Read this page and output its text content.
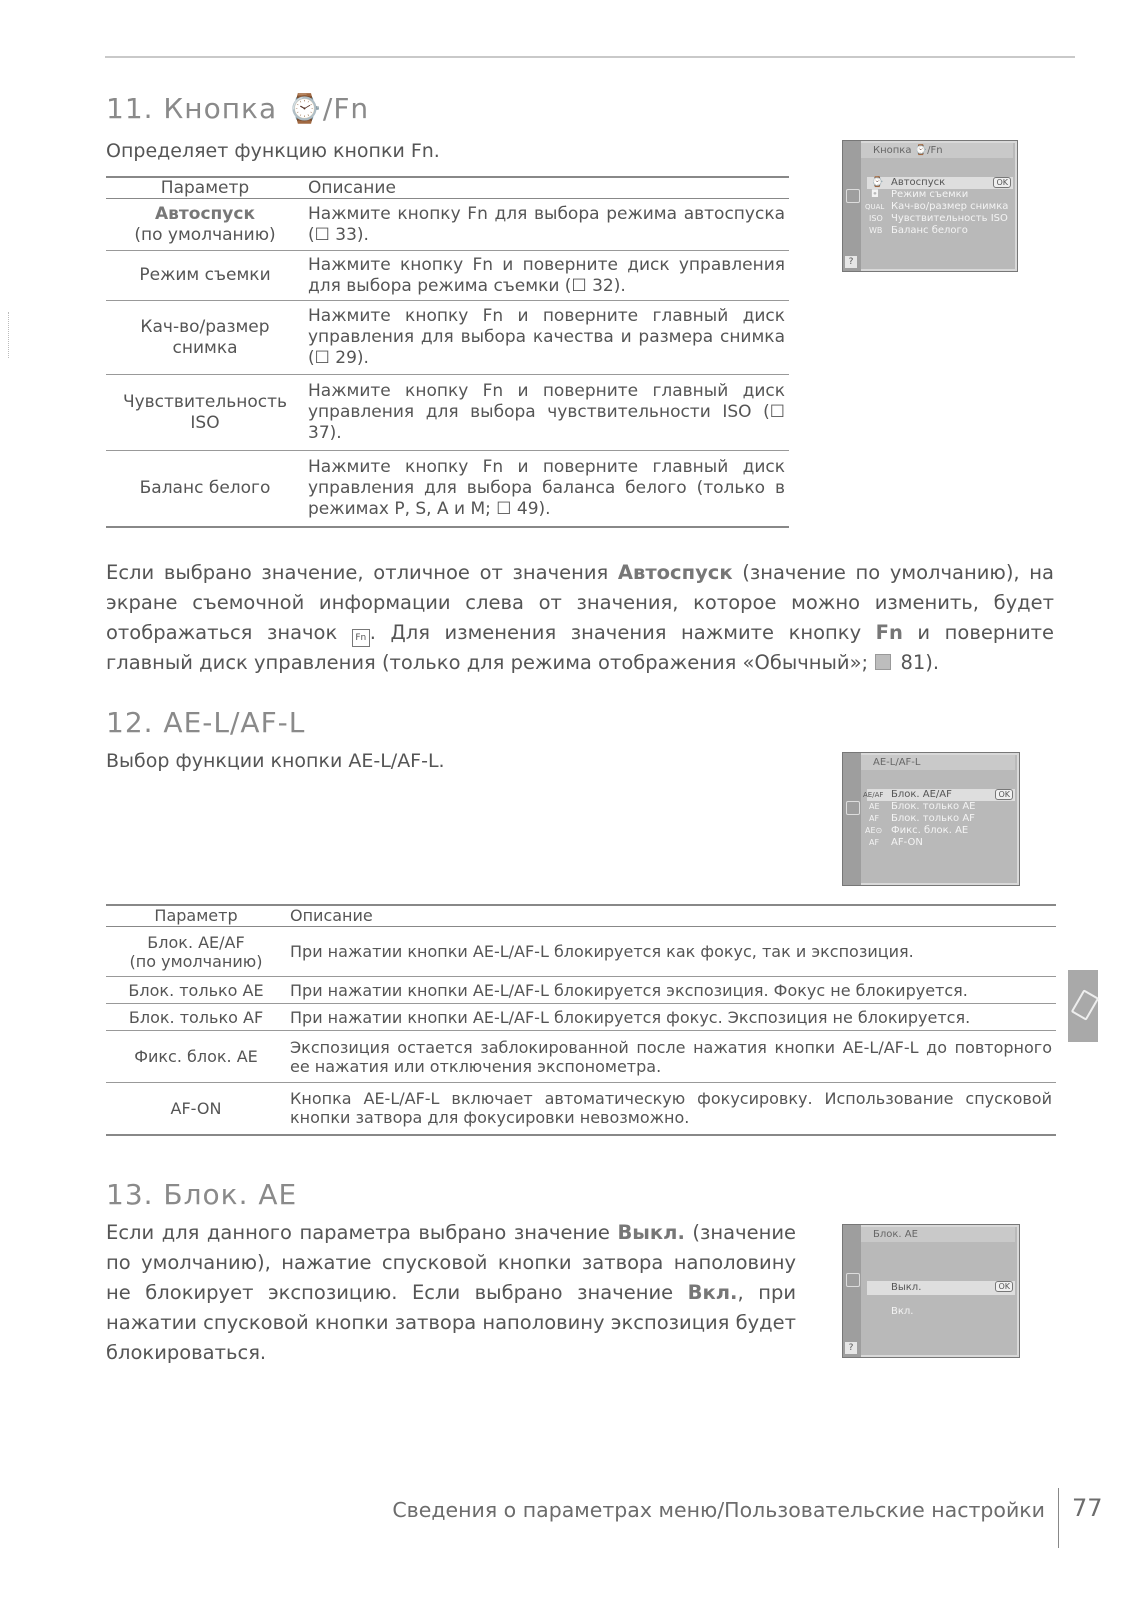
11. Кнопка ⌚/Fn

Определяет функцию кнопки Fn.

Параметр	Описание
Автоспуск
(по умолчанию)	Нажмите кнопку Fn для выбора режима автоспуска (☐ 33).
Режим съемки	Нажмите кнопку Fn и поверните диск управления для выбора режима съемки (☐ 32).
Кач-во/размер
снимка	Нажмите кнопку Fn и поверните главный диск управления для выбора качества и размера снимка (☐ 29).
Чувствительность
ISO	Нажмите кнопку Fn и поверните главный диск управления для выбора чувствительности ISO (☐ 37).
Баланс белого	Нажмите кнопку Fn и поверните главный диск управления для выбора баланса белого (только в режимах P, S, A и M; ☐ 49).
?
Кнопка ⌚/Fn
⌚ Автоспуск	OK
◘ Режим съемки
QUAL Кач-во/размер снимка
ISO Чувствительность ISO
WB Баланс белого

Если выбрано значение, отличное от значения Автоспуск (значение по умолчанию), на экране съемочной информации слева от значения, которое можно изменить, будет отображаться значок Fn . Для изменения значения нажмите кнопку Fn и поверните главный диск управления (только для режима отображения «Обычный»;  81).

12. AE-L/AF-L

Выбор функции кнопки AE-L/AF-L.	AE-L/AF-L
AE/AF Блок. AE/AF	OK
AE Блок. только AE
AF Блок. только AF
AE⊙ Фикс. блок. AE
AF AF-ON
Параметр	Описание
Блок. AE/AF
(по умолчанию)	При нажатии кнопки AE-L/AF-L блокируется как фокус, так и экспозиция.
Блок. только AE	При нажатии кнопки AE-L/AF-L блокируется экспозиция. Фокус не блокируется.
Блок. только AF	При нажатии кнопки AE-L/AF-L блокируется фокус. Экспозиция не блокируется.
Фикс. блок. AE	Экспозиция остается заблокированной после нажатия кнопки AE-L/AF-L до повторного ее нажатия или отключения экспонометра.
AF-ON	Кнопка AE-L/AF-L включает автоматическую фокусировку. Использование спусковой кнопки затвора для фокусировки невозможно.
13. Блок. AE

Если для данного параметра выбрано значение Выкл. (значение по умолчанию), нажатие спусковой кнопки затвора наполовину не блокирует экспозицию. Если выбрано значение Вкл., при нажатии спусковой кнопки затвора наполовину экспозиция будет блокироваться.	?
Блок. AE
Выкл.	OK
Вкл.
Сведения о параметрах меню/Пользовательские настройки 77
